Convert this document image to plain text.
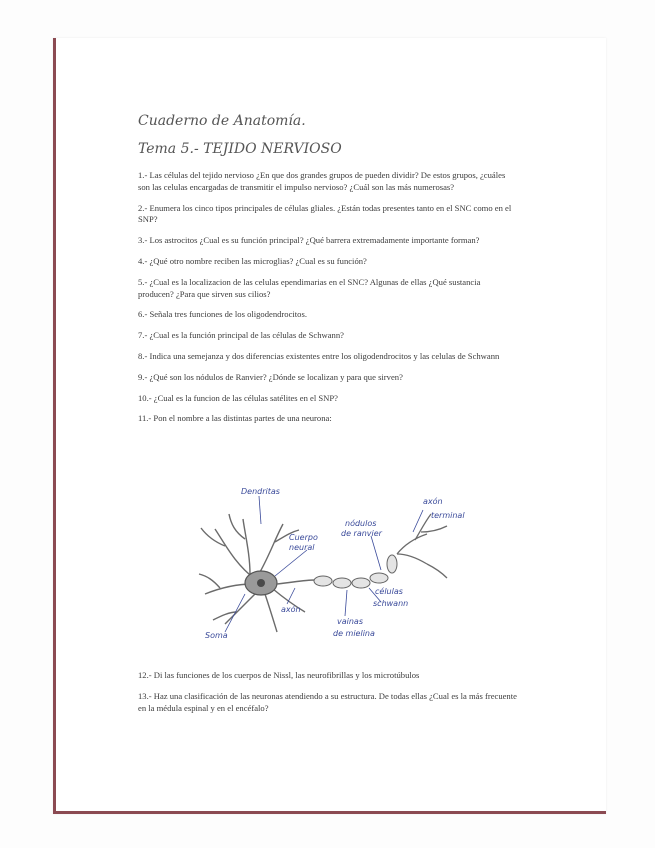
Cuaderno de Anatomía.
Tema 5.- TEJIDO NERVIOSO

1.- Las células del tejido nervioso ¿En que dos grandes grupos de pueden dividir? De estos grupos, ¿cuáles son las celulas encargadas de transmitir el impulso nervioso? ¿Cuál son las más numerosas?

2.- Enumera los cinco tipos principales de células gliales. ¿Están todas presentes tanto en el SNC como en el SNP?

3.- Los astrocitos ¿Cual es su función principal? ¿Qué barrera extremadamente importante forman?

4.- ¿Qué otro nombre reciben las microglias? ¿Cual es su función?

5.- ¿Cual es la localizacion de las celulas ependimarias en el SNC? Algunas de ellas ¿Qué sustancia producen? ¿Para que sirven sus cilios?

6.- Señala tres funciones de los oligodendrocitos.

7.- ¿Cual es la función principal de las células de Schwann?

8.- Indica una semejanza y dos diferencias existentes entre los oligodendrocitos y las celulas de Schwann

9.- ¿Qué son los nódulos de Ranvier? ¿Dónde se localizan y para que sirven?

10.- ¿Cual es la funcion de las células satélites en el SNP?

11.- Pon el nombre a las distintas partes de una neurona:

Dendritas
Cuerpo
neural
nódulos
de ranvier
axón
terminal
células
schwann
axón
Soma
vainas
de mielina

12.- Di las funciones de los cuerpos de Nissl, las neurofibrillas y los microtúbulos

13.- Haz una clasificación de las neuronas atendiendo a su estructura. De todas ellas ¿Cual es la más frecuente en la médula espinal y en el encéfalo?
